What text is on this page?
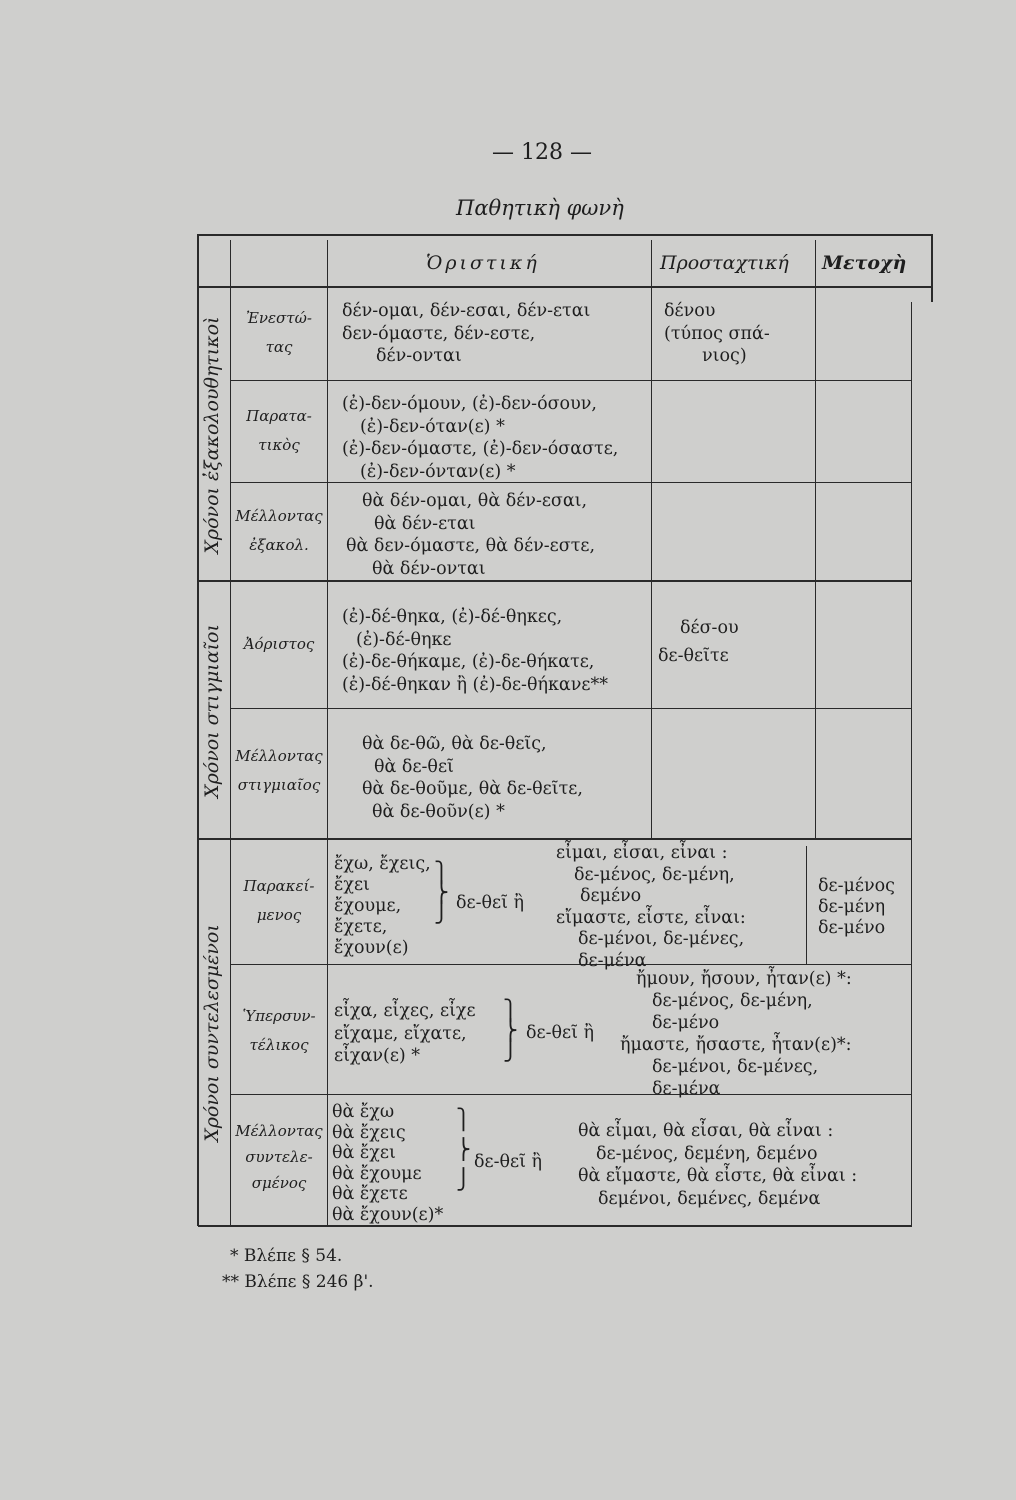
— 128 —
Παθητικὴ φωνὴ
Ὁριστική	Προσταχτική Μετοχὴ
Χρόνοι ἐξακολουθητικοὶ
Χρόνοι στιγμιαῖοι
Χρόνοι συντελεσμένοι
Ἐνεστώ-
τας
Παρατα-
τικὸς
Μέλλοντας
ἐξακολ.
Ἀόριστος
Μέλλοντας
στιγμιαῖος
Παρακεί-
μενος
Ὑπερσυν-
τέλικος
Μέλλοντας
συντελε-
σμένος
δέν-ομαι, δέν-εσαι, δέν-εται
δεν-όμαστε, δέν-εστε,
δέν-ονται
δένου
(τύπος σπά-
νιος)
(ἐ)-δεν-όμουν, (ἐ)-δεν-όσουν,
(ἐ)-δεν-όταν(ε) *
(ἐ)-δεν-όμαστε, (ἐ)-δεν-όσαστε,
(ἐ)-δεν-όνταν(ε) *
θὰ δέν-ομαι, θὰ δέν-εσαι,
θὰ δέν-εται
θὰ δεν-όμαστε, θὰ δέν-εστε,
θὰ δέν-ονται
(ἐ)-δέ-θηκα, (ἐ)-δέ-θηκες,
(ἐ)-δέ-θηκε
(ἐ)-δε-θήκαμε, (ἐ)-δε-θήκατε,
(ἐ)-δέ-θηκαν ἢ (ἐ)-δε-θήκανε**
δέσ-ου
δε-θεῖτε
θὰ δε-θῶ, θὰ δε-θεῖς,
θὰ δε-θεῖ
θὰ δε-θοῦμε, θὰ δε-θεῖτε,
θὰ δε-θοῦν(ε) *
ἔχω, ἔχεις,
ἔχει
ἔχουμε,
ἔχετε,
ἔχουν(ε)
⎫
⎬
⎭ δε-θεῖ ἢ
εἶμαι, εἶσαι, εἶναι :
δε-μένος, δε-μένη,
δεμένο
εἴμαστε, εἶστε, εἶναι:
δε-μένοι, δε-μένες,
δε-μένα
δε-μένος
δε-μένη
δε-μένο
εἶχα, εἶχες, εἶχε
εἴχαμε, εἴχατε,
εἶχαν(ε) *
⎫
⎬
⎭
δε-θεῖ ἢ
ἤμουν, ἤσουν, ἦταν(ε) *:
δε-μένος, δε-μένη,
δε-μένο
ἤμαστε, ἤσαστε, ἦταν(ε)*:
δε-μένοι, δε-μένες,
δε-μένα
θὰ ἔχω
θὰ ἔχεις
θὰ ἔχει
θὰ ἔχουμε
θὰ ἔχετε
θὰ ἔχουν(ε)*
⎫
⎬
⎭
δε-θεῖ ἢ
θὰ εἶμαι, θὰ εἶσαι, θὰ εἶναι :
δε-μένος, δεμένη, δεμένο
θὰ εἴμαστε, θὰ εἶστε, θὰ εἶναι :
δεμένοι, δεμένες, δεμένα
* Βλέπε § 54.
** Βλέπε § 246 β'.
